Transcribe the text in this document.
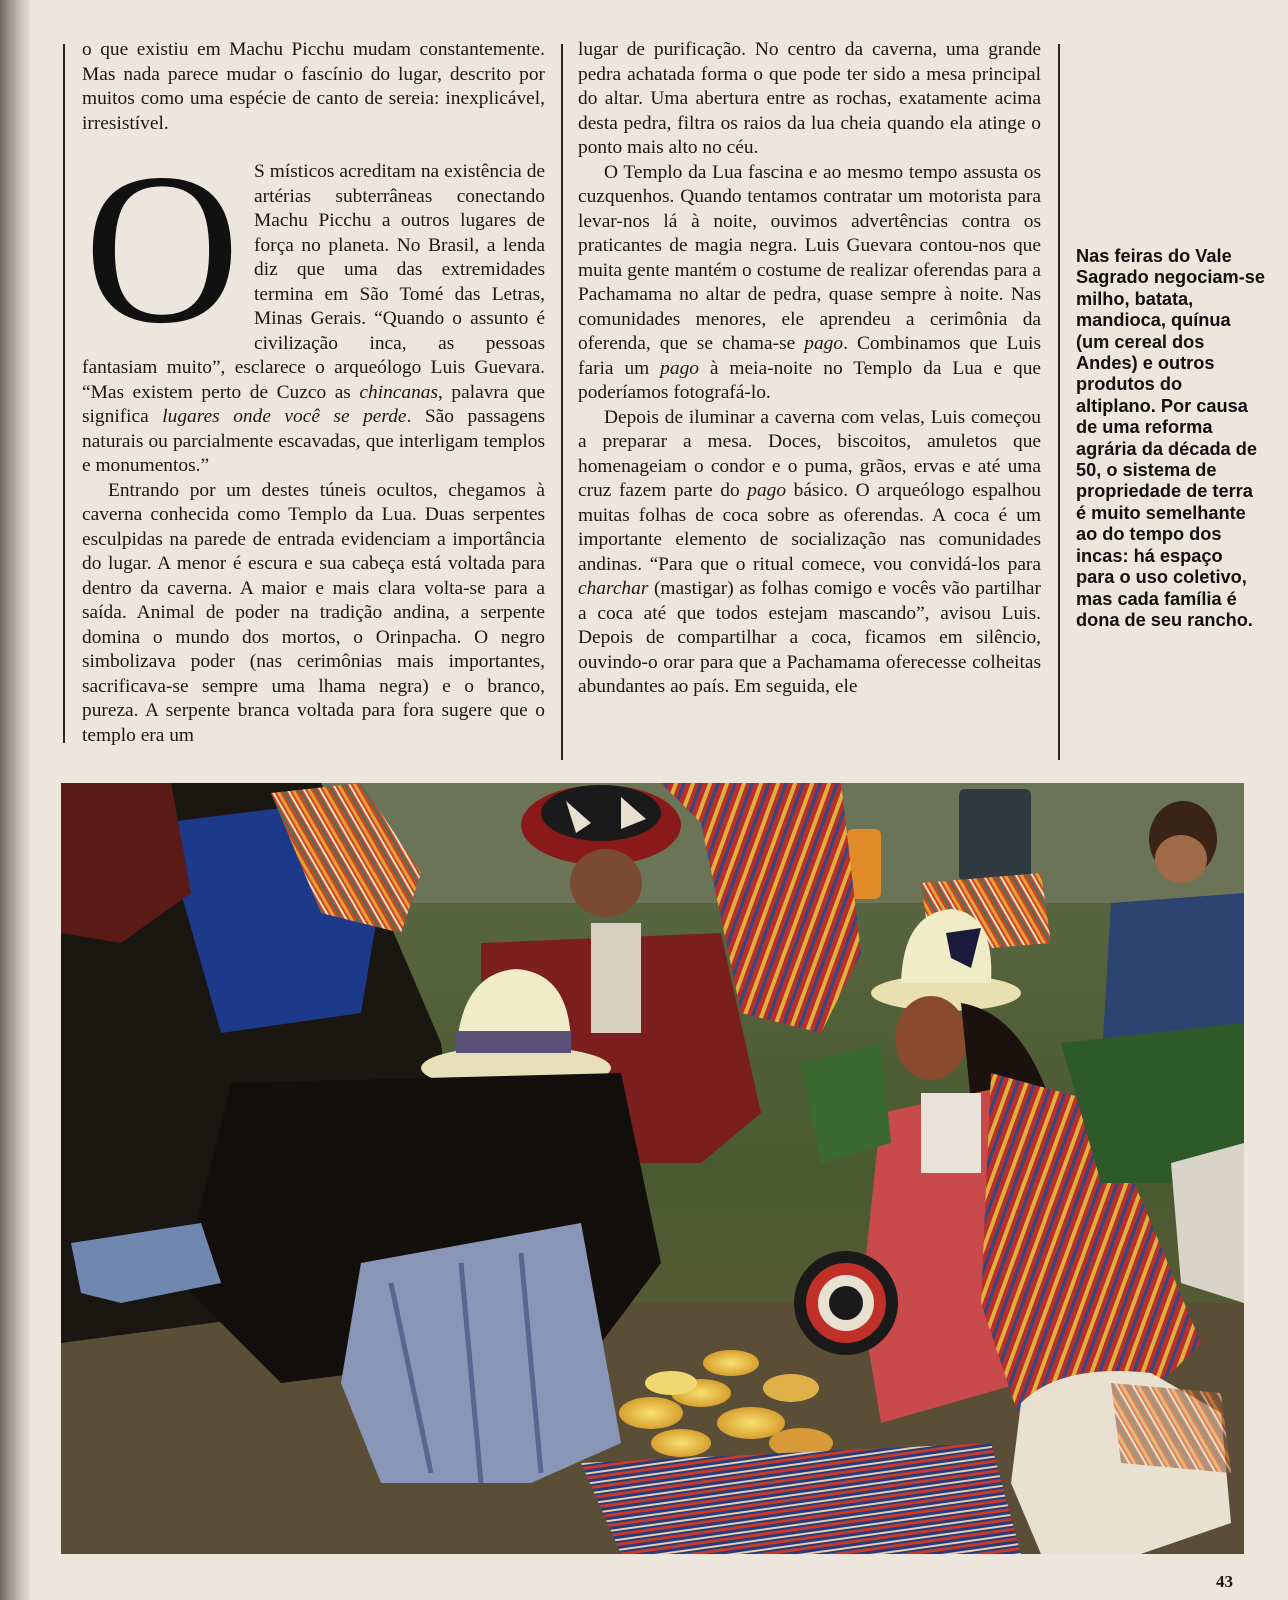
o que existiu em Machu Picchu mudam constantemente. Mas nada parece mudar o fascínio do lugar, descrito por muitos como uma espécie de canto de sereia: inexplicável, irresistível.

O S místicos acreditam na existência de artérias subterrâneas conectando Machu Picchu a outros lugares de força no planeta. No Brasil, a lenda diz que uma das extremidades termina em São Tomé das Letras, Minas Gerais. “Quando o assunto é civilização inca, as pessoas fantasiam muito”, esclarece o arqueólogo Luis Guevara. “Mas existem perto de Cuzco as chincanas, palavra que significa lugares onde você se perde. São passagens naturais ou parcialmente escavadas, que interligam templos e monumentos.”

Entrando por um destes túneis ocultos, chegamos à caverna conhecida como Templo da Lua. Duas serpentes esculpidas na parede de entrada evidenciam a importância do lugar. A menor é escura e sua cabeça está voltada para dentro da caverna. A maior e mais clara volta-se para a saída. Animal de poder na tradição andina, a serpente domina o mundo dos mortos, o Orinpacha. O negro simbolizava poder (nas cerimônias mais importantes, sacrificava-se sempre uma lhama negra) e o branco, pureza. A serpente branca voltada para fora sugere que o templo era um

lugar de purificação. No centro da caverna, uma grande pedra achatada forma o que pode ter sido a mesa principal do altar. Uma abertura entre as rochas, exatamente acima desta pedra, filtra os raios da lua cheia quando ela atinge o ponto mais alto no céu.

O Templo da Lua fascina e ao mesmo tempo assusta os cuzquenhos. Quando tentamos contratar um motorista para levar-nos lá à noite, ouvimos advertências contra os praticantes de magia negra. Luis Guevara contou-nos que muita gente mantém o costume de realizar oferendas para a Pachamama no altar de pedra, quase sempre à noite. Nas comunidades menores, ele aprendeu a cerimônia da oferenda, que se chama-se pago. Combinamos que Luis faria um pago à meia-noite no Templo da Lua e que poderíamos fotografá-lo.

Depois de iluminar a caverna com velas, Luis começou a preparar a mesa. Doces, biscoitos, amuletos que homenageiam o condor e o puma, grãos, ervas e até uma cruz fazem parte do pago básico. O arqueólogo espalhou muitas folhas de coca sobre as oferendas. A coca é um importante elemento de socialização nas comunidades andinas. “Para que o ritual comece, vou convidá-los para charchar (mastigar) as folhas comigo e vocês vão partilhar a coca até que todos estejam mascando”, avisou Luis. Depois de compartilhar a coca, ficamos em silêncio, ouvindo-o orar para que a Pachamama oferecesse colheitas abundantes ao país. Em seguida, ele

Nas feiras do Vale Sagrado negociam-se milho, batata, mandioca, quínua (um cereal dos Andes) e outros produtos do altiplano. Por causa de uma reforma agrária da década de 50, o sistema de propriedade de terra é muito semelhante ao do tempo dos incas: há espaço para o uso coletivo, mas cada família é dona de seu rancho.
43
